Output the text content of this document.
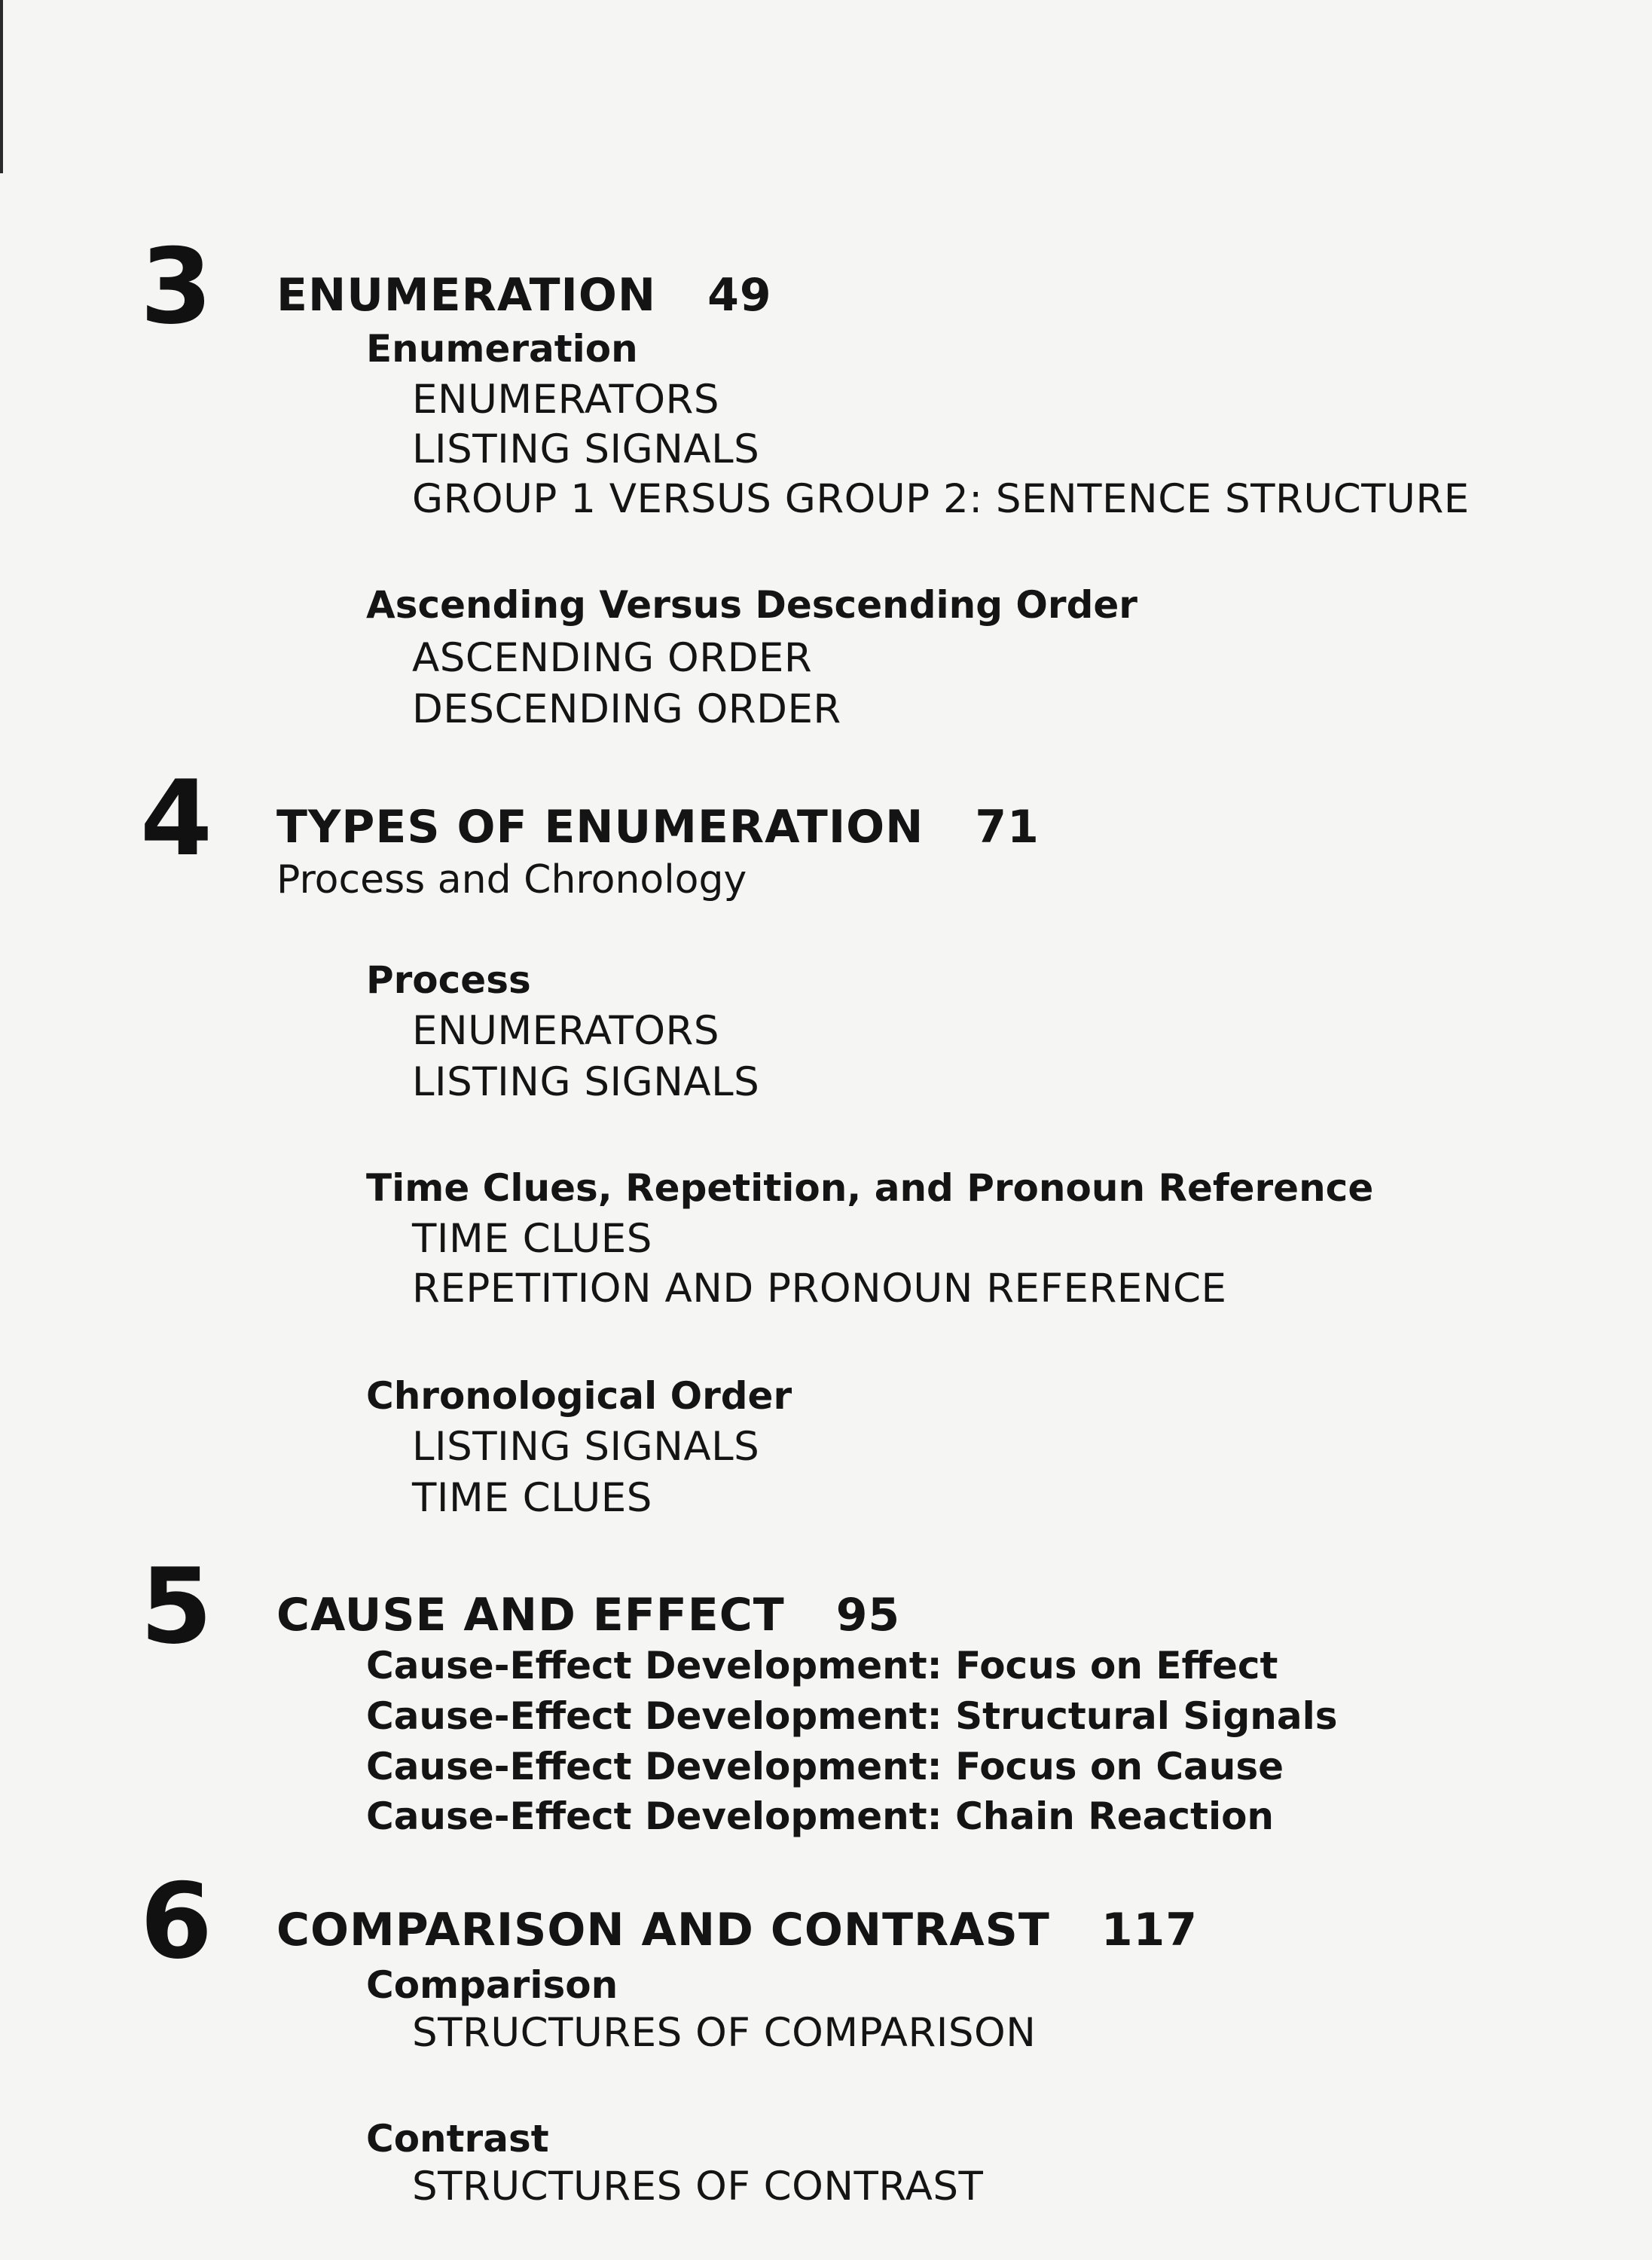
3 ENUMERATION 49
Enumeration
ENUMERATORS
LISTING SIGNALS
GROUP 1 VERSUS GROUP 2: SENTENCE STRUCTURE
Ascending Versus Descending Order
ASCENDING ORDER
DESCENDING ORDER
4 TYPES OF ENUMERATION 71
Process and Chronology
Process
ENUMERATORS
LISTING SIGNALS
Time Clues, Repetition, and Pronoun Reference
TIME CLUES
REPETITION AND PRONOUN REFERENCE
Chronological Order
LISTING SIGNALS
TIME CLUES
5 CAUSE AND EFFECT 95
Cause-Effect Development: Focus on Effect
Cause-Effect Development: Structural Signals
Cause-Effect Development: Focus on Cause
Cause-Effect Development: Chain Reaction
6 COMPARISON AND CONTRAST 117
Comparison
STRUCTURES OF COMPARISON
Contrast
STRUCTURES OF CONTRAST
